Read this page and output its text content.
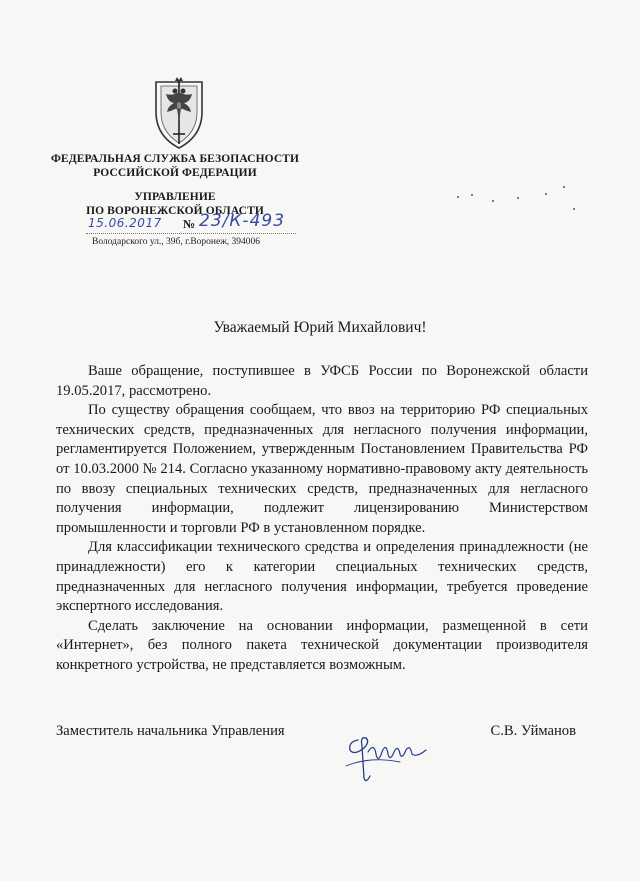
ФЕДЕРАЛЬНАЯ СЛУЖБА БЕЗОПАСНОСТИ
РОССИЙСКОЙ ФЕДЕРАЦИИ
УПРАВЛЕНИЕ
ПО ВОРОНЕЖСКОЙ ОБЛАСТИ
15.06.2017 № 23/К-493
Володарского ул., 39б, г.Воронеж, 394006
Уважаемый Юрий Михайлович!

Ваше обращение, поступившее в УФСБ России по Воронежской области 19.05.2017, рассмотрено.

По существу обращения сообщаем, что ввоз на территорию РФ специальных технических средств, предназначенных для негласного получения информации, регламентируется Положением, утвержденным Постановлением Правительства РФ от 10.03.2000 № 214. Согласно указанному нормативно-правовому акту деятельность по ввозу специальных технических средств, предназначенных для негласного получения информации, подлежит лицензированию Министерством промышленности и торговли РФ в установленном порядке.

Для классификации технического средства и определения принадлежности (не принадлежности) его к категории специальных технических средств, предназначенных для негласного получения информации, требуется проведение экспертного исследования.

Сделать заключение на основании информации, размещенной в сети «Интернет», без полного пакета технической документации производителя конкретного устройства, не представляется возможным.

Заместитель начальника Управления	С.В. Уйманов
